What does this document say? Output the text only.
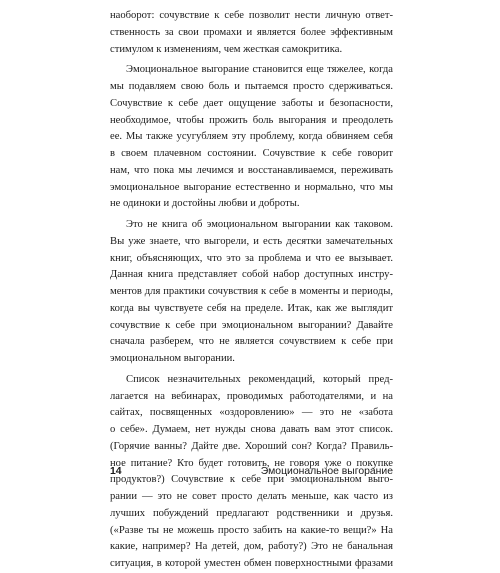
наоборот: сочувствие к себе позволит нести личную ответ-
ственность за свои промахи и является более эффективным
стимулом к изменениям, чем жесткая самокритика.
Эмоциональное выгорание становится еще тяжелее, когда
мы подавляем свою боль и пытаемся просто сдерживаться.
Сочувствие к себе дает ощущение заботы и безопасности,
необходимое, чтобы прожить боль выгорания и преодолеть
ее. Мы также усугубляем эту проблему, когда обвиняем себя
в своем плачевном состоянии. Сочувствие к себе говорит
нам, что пока мы лечимся и восстанавливаемся, переживать
эмоциональное выгорание естественно и нормально, что мы
не одиноки и достойны любви и доброты.
Это не книга об эмоциональном выгорании как таковом.
Вы уже знаете, что выгорели, и есть десятки замечательных
книг, объясняющих, что это за проблема и что ее вызывает.
Данная книга представляет собой набор доступных инстру-
ментов для практики сочувствия к себе в моменты и периоды,
когда вы чувствуете себя на пределе. Итак, как же выглядит
сочувствие к себе при эмоциональном выгорании? Давайте
сначала разберем, что не является сочувствием к себе при
эмоциональном выгорании.
Список незначительных рекомендаций, который пред-
лагается на вебинарах, проводимых работодателями, и на
сайтах, посвященных «оздоровлению» — это не «забота
о себе». Думаем, нет нужды снова давать вам этот список.
(Горячие ванны? Дайте две. Хороший сон? Когда? Правиль-
ное питание? Кто будет готовить, не говоря уже о покупке
продуктов?) Сочувствие к себе при эмоциональном выго-
рании — это не совет просто делать меньше, как часто из
лучших побуждений предлагают родственники и друзья.
(«Разве ты не можешь просто забить на какие-то вещи?» На
какие, например? На детей, дом, работу?) Это не банальная
ситуация, в которой уместен обмен поверхностными фразами
14	Эмоциональное выгорание
